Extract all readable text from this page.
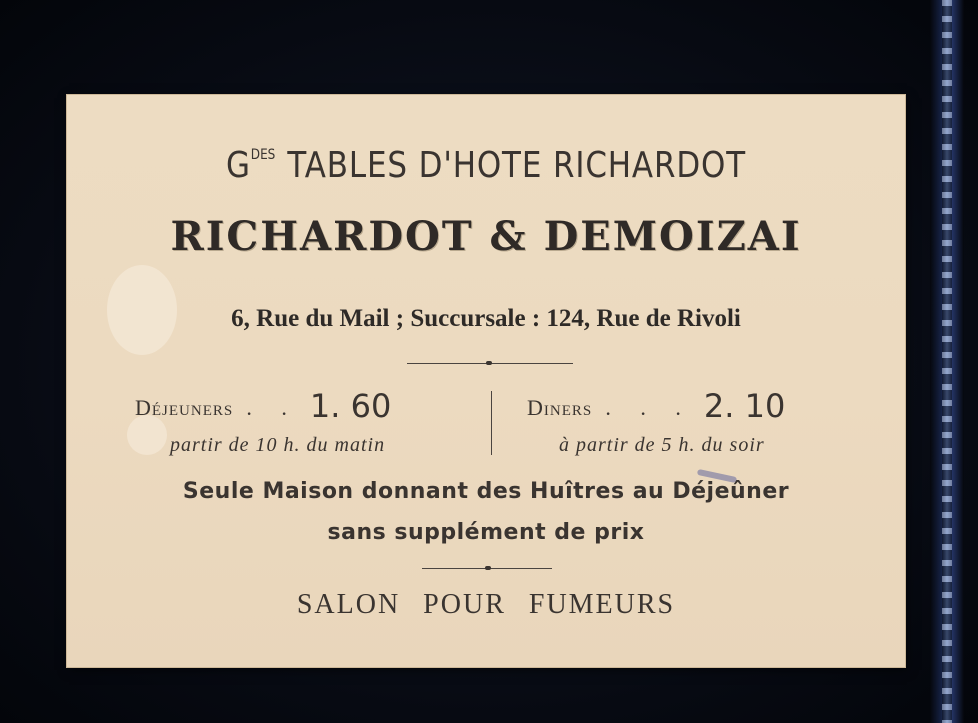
$G^{DES}$ TABLES D'HOTE RICHARDOT
RICHARDOT & DEMOIZAI
6, Rue du Mail ; Succursale : 124, Rue de Rivoli
Déjeuners . . 1. 60	Diners . . . 2. 10
partir de 10 h. du matin	à partir de 5 h. du soir
Seule Maison donnant des Huîtres au Déjeûner
sans supplément de prix
SALON POUR FUMEURS
